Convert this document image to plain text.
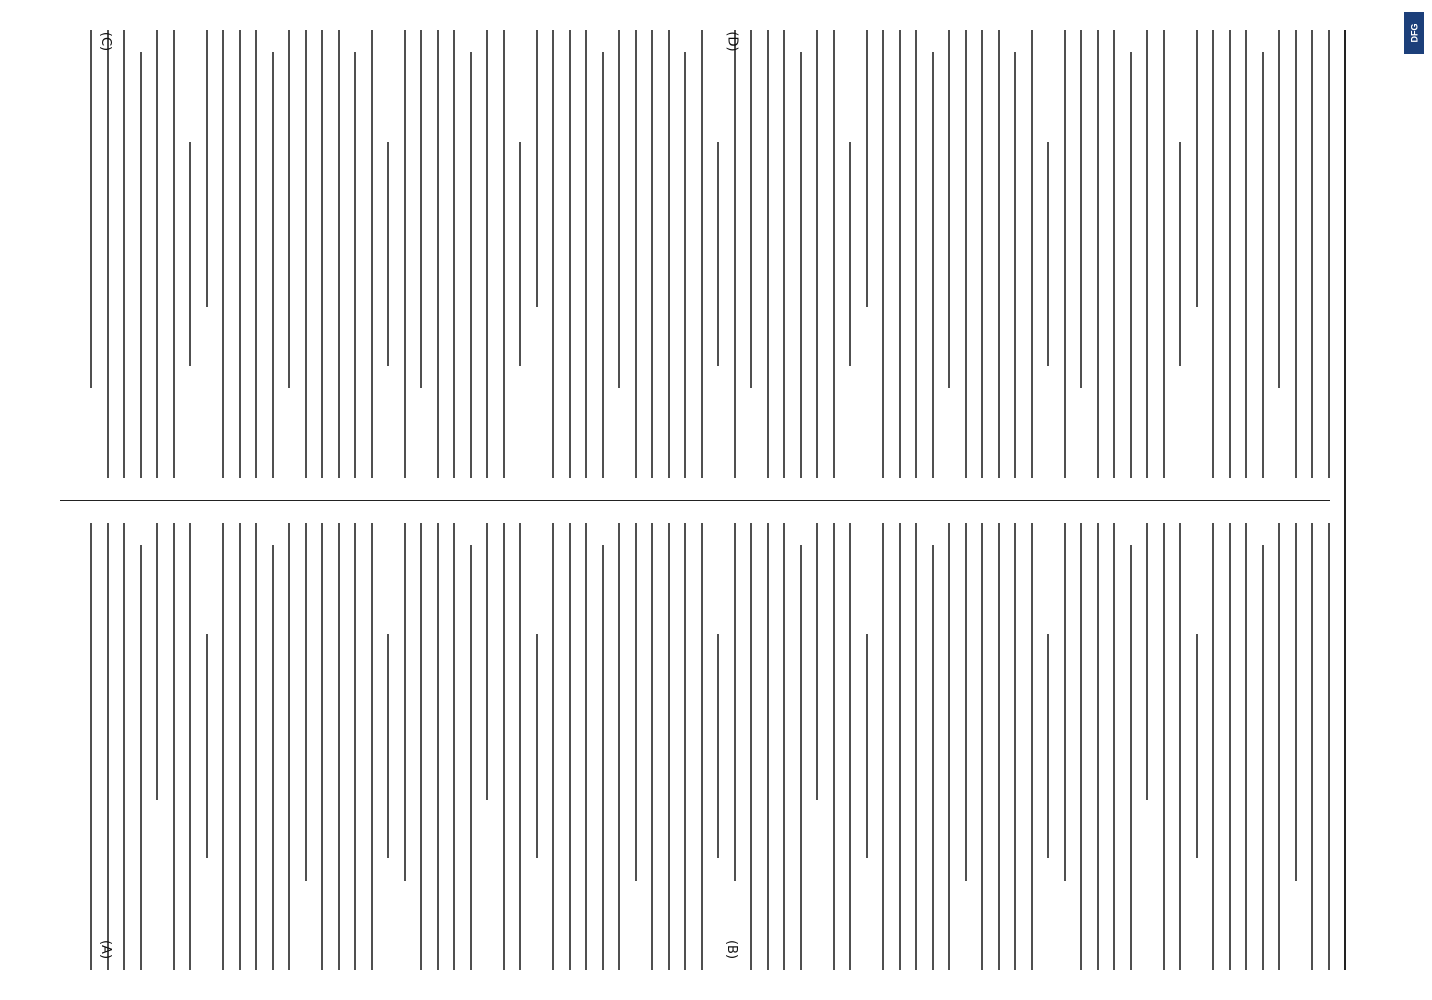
(A)	(B)
(C)	(D)	DFG
